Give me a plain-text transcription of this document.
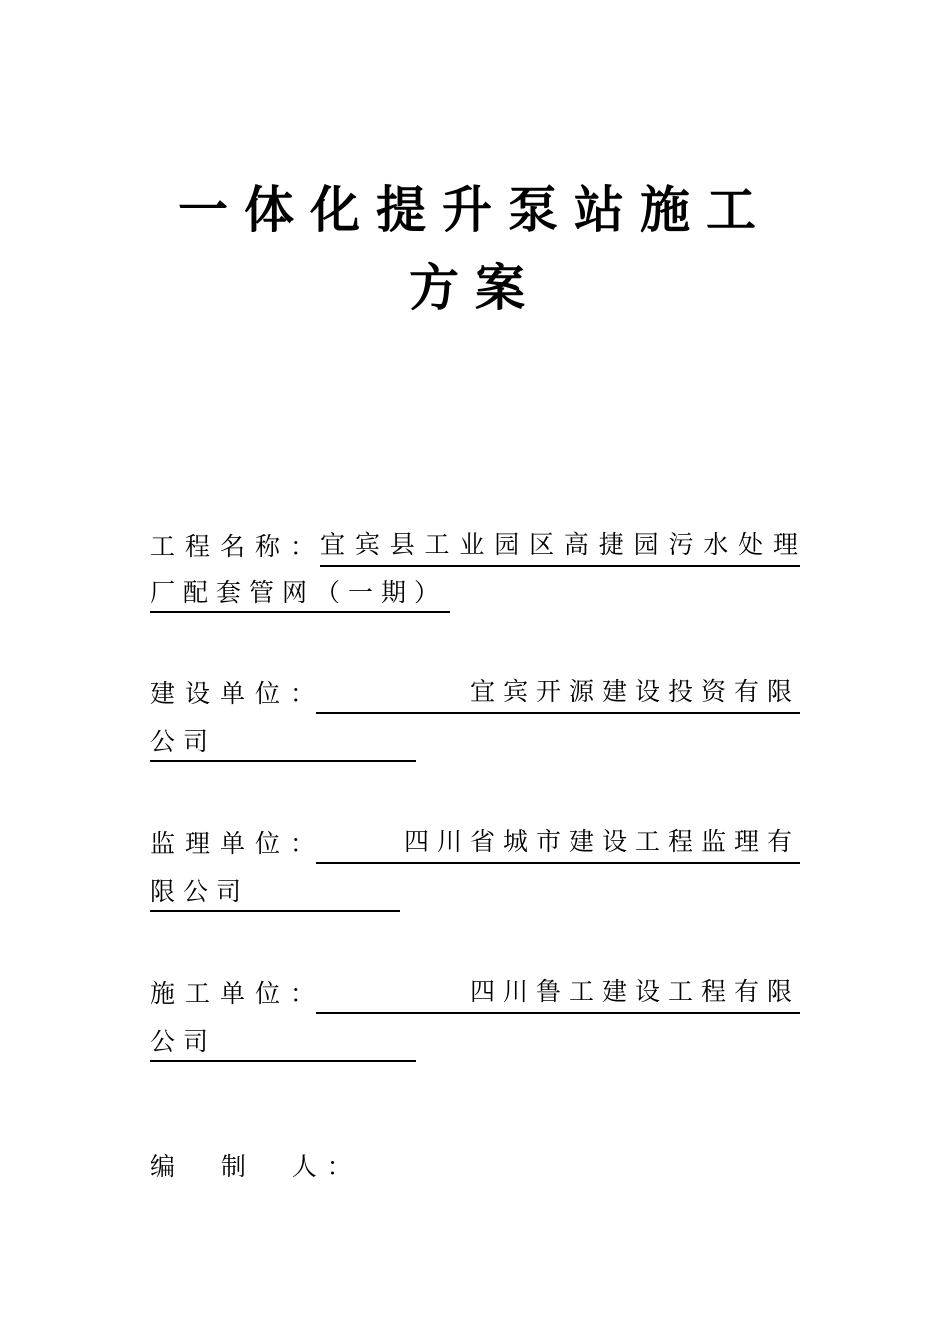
一体化提升泵站施工
方案
工程名称：
宜宾县工业园区高捷园污水处理
厂配套管网（一期）
建设单位：	宜宾开源建设投资有限
公司
监理单位：	四川省城市建设工程监理有
限公司
施工单位：	四川鲁工建设工程有限
公司
编  制  人：
